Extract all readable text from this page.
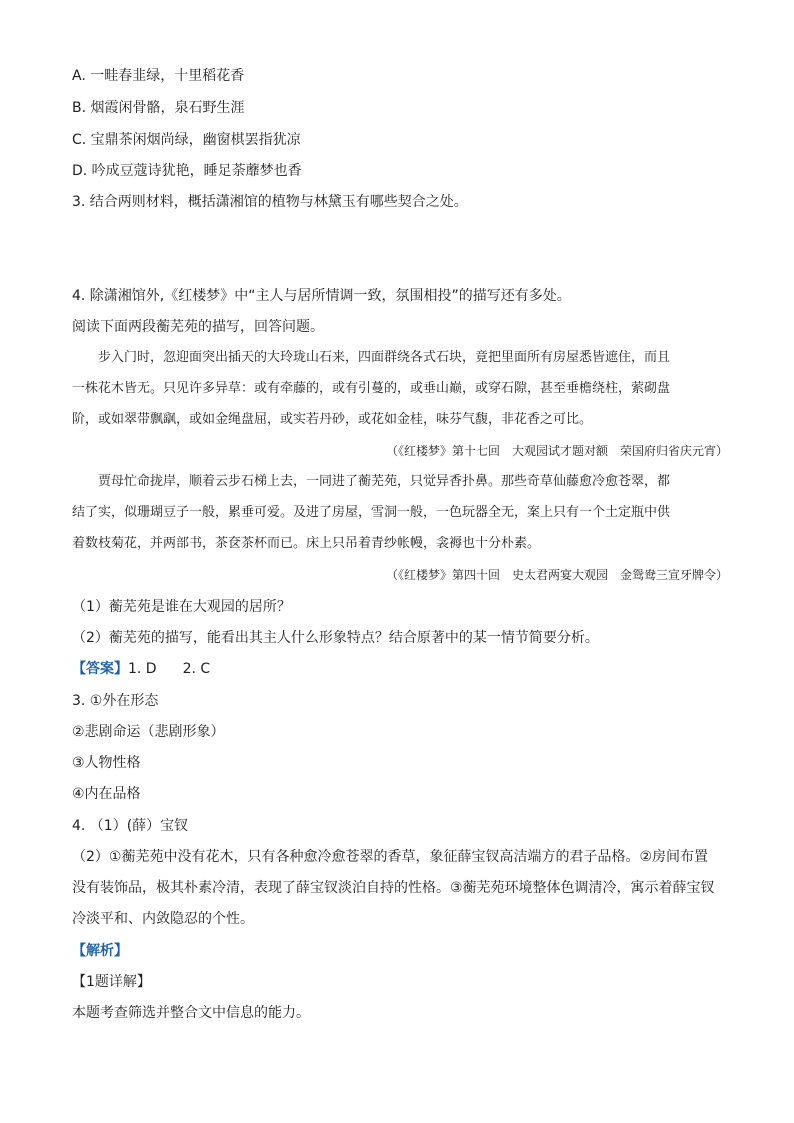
A. 一畦春韭绿，十里稻花香
B. 烟霞闲骨骼，泉石野生涯
C. 宝鼎茶闲烟尚绿，幽窗棋罢指犹凉
D. 吟成豆蔻诗犹艳，睡足荼蘼梦也香
3. 结合两则材料，概括潇湘馆的植物与林黛玉有哪些契合之处。
4. 除潇湘馆外,《红楼梦》中“主人与居所情调一致，氛围相投”的描写还有多处。
阅读下面两段蘅芜苑的描写，回答问题。
步入门时，忽迎面突出插天的大玲珑山石来，四面群绕各式石块，竟把里面所有房屋悉皆遮住，而且
一株花木皆无。只见许多异草：或有牵藤的，或有引蔓的，或垂山巅，或穿石隙，甚至垂檐绕柱，萦砌盘
阶，或如翠带飘飖，或如金绳盘屈，或实若丹砂，或花如金桂，味芬气馥，非花香之可比。
（《红楼梦》第十七回　大观园试才题对额　荣国府归省庆元宵）
贾母忙命拢岸，顺着云步石梯上去，一同进了蘅芜苑，只觉异香扑鼻。那些奇草仙藤愈冷愈苍翠，都
结了实，似珊瑚豆子一般，累垂可爱。及进了房屋，雪洞一般，一色玩器全无，案上只有一个土定瓶中供
着数枝菊花，并两部书，茶奁茶杯而已。床上只吊着青纱帐幔，衾褥也十分朴素。
（《红楼梦》第四十回　史太君两宴大观园　金鸳鸯三宣牙牌令）
（1）蘅芜苑是谁在大观园的居所？
（2）蘅芜苑的描写，能看出其主人什么形象特点？结合原著中的某一情节简要分析。
【答案】1. D 2. C
3. ①外在形态
②悲剧命运（悲剧形象）
③人物性格
④内在品格
4. （1）(薛）宝钗
（2）①蘅芜苑中没有花木，只有各种愈冷愈苍翠的香草，象征薛宝钗高洁端方的君子品格。②房间布置
没有装饰品，极其朴素冷清，表现了薛宝钗淡泊自持的性格。③蘅芜苑环境整体色调清冷，寓示着薛宝钗
冷淡平和、内敛隐忍的个性。
【解析】
【1题详解】
本题考查筛选并整合文中信息的能力。
